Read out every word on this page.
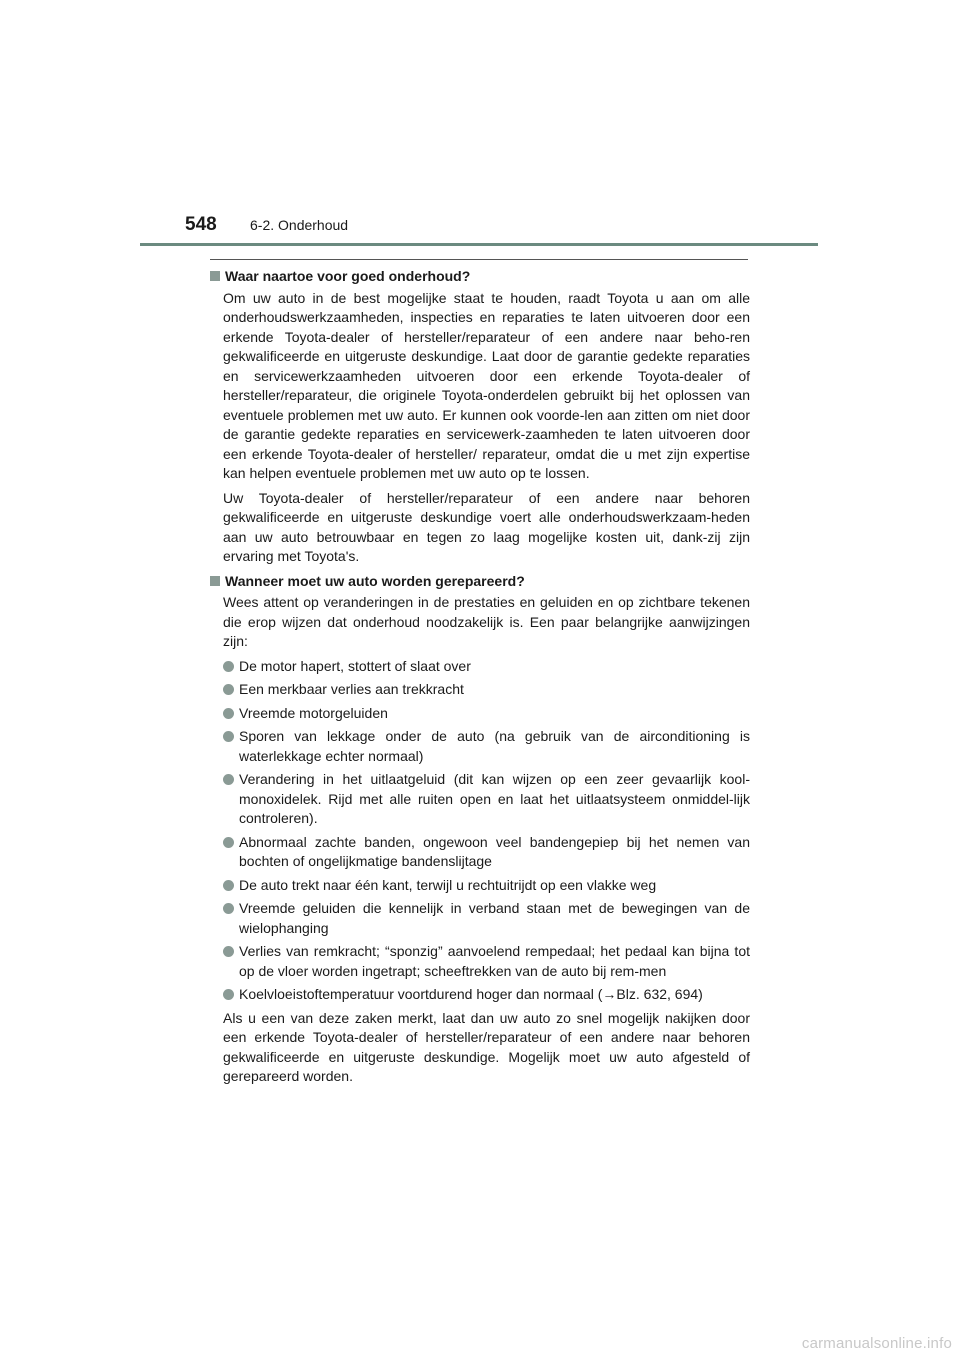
548	6-2. Onderhoud
Waar naartoe voor goed onderhoud?

Om uw auto in de best mogelijke staat te houden, raadt Toyota u aan om alle onderhoudswerkzaamheden, inspecties en reparaties te laten uitvoeren door een erkende Toyota-dealer of hersteller/reparateur of een andere naar beho-ren gekwalificeerde en uitgeruste deskundige. Laat door de garantie gedekte reparaties en servicewerkzaamheden uitvoeren door een erkende Toyota-dealer of hersteller/reparateur, die originele Toyota-onderdelen gebruikt bij het oplossen van eventuele problemen met uw auto. Er kunnen ook voorde-len aan zitten om niet door de garantie gedekte reparaties en servicewerk-zaamheden te laten uitvoeren door een erkende Toyota-dealer of hersteller/ reparateur, omdat die u met zijn expertise kan helpen eventuele problemen met uw auto op te lossen.

Uw Toyota-dealer of hersteller/reparateur of een andere naar behoren gekwalificeerde en uitgeruste deskundige voert alle onderhoudswerkzaam-heden aan uw auto betrouwbaar en tegen zo laag mogelijke kosten uit, dank-zij zijn ervaring met Toyota's.

Wanneer moet uw auto worden gerepareerd?

Wees attent op veranderingen in de prestaties en geluiden en op zichtbare tekenen die erop wijzen dat onderhoud noodzakelijk is. Een paar belangrijke aanwijzingen zijn:

De motor hapert, stottert of slaat over
Een merkbaar verlies aan trekkracht
Vreemde motorgeluiden
Sporen van lekkage onder de auto (na gebruik van de airconditioning is waterlekkage echter normaal)
Verandering in het uitlaatgeluid (dit kan wijzen op een zeer gevaarlijk kool-monoxidelek. Rijd met alle ruiten open en laat het uitlaatsysteem onmiddel-lijk controleren).
Abnormaal zachte banden, ongewoon veel bandengepiep bij het nemen van bochten of ongelijkmatige bandenslijtage
De auto trekt naar één kant, terwijl u rechtuitrijdt op een vlakke weg
Vreemde geluiden die kennelijk in verband staan met de bewegingen van de wielophanging
Verlies van remkracht; “sponzig” aanvoelend rempedaal; het pedaal kan bijna tot op de vloer worden ingetrapt; scheeftrekken van de auto bij rem-men
Koelvloeistoftemperatuur voortdurend hoger dan normaal (→Blz. 632, 694)

Als u een van deze zaken merkt, laat dan uw auto zo snel mogelijk nakijken door een erkende Toyota-dealer of hersteller/reparateur of een andere naar behoren gekwalificeerde en uitgeruste deskundige. Mogelijk moet uw auto afgesteld of gerepareerd worden.

carmanualsonline.info
